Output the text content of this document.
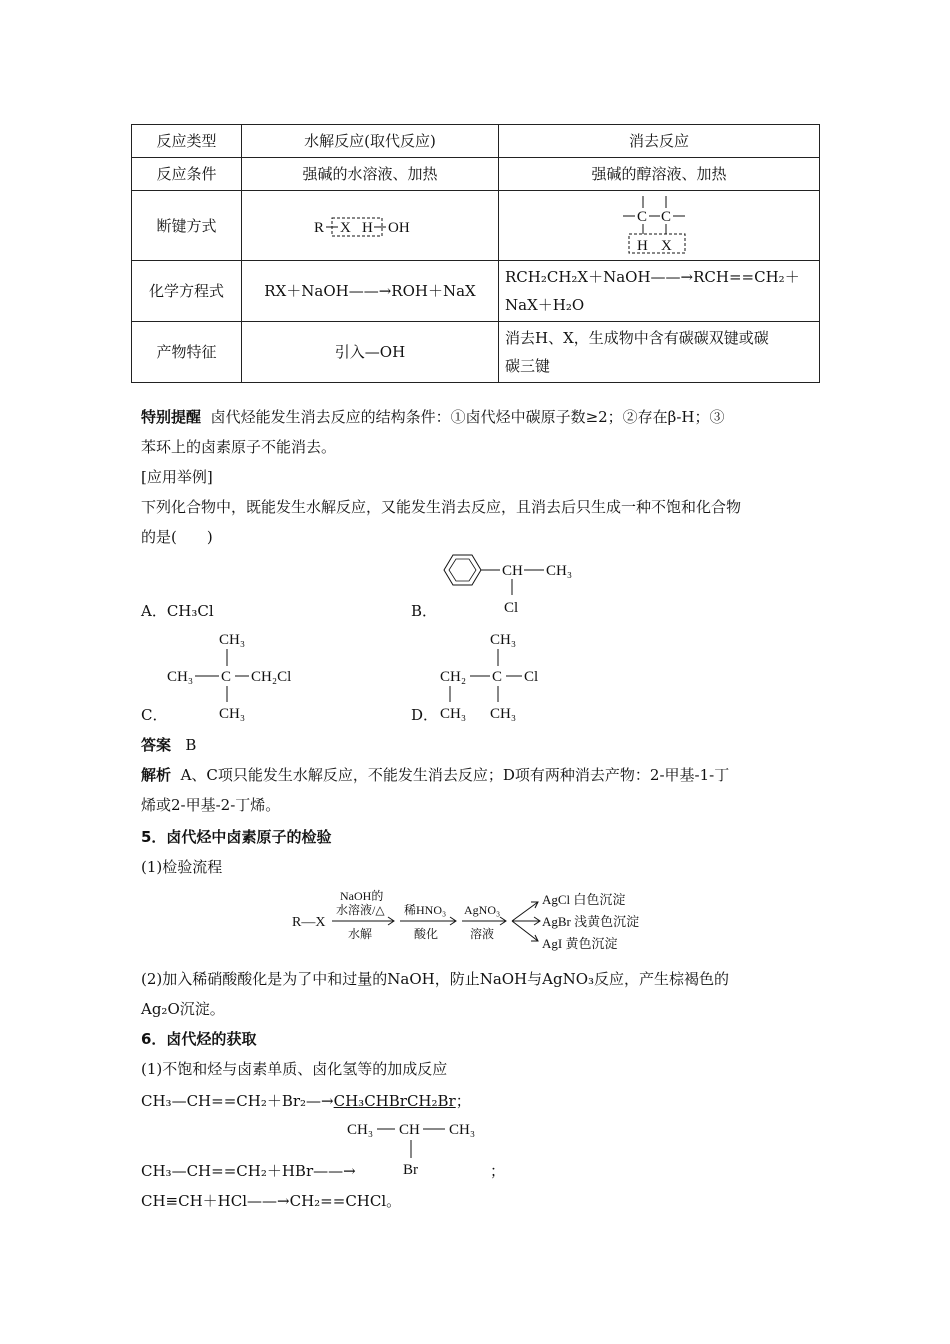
反应类型	水解反应(取代反应)	消去反应
反应条件	强碱的水溶液、加热	强碱的醇溶液、加热
断键方式	R X H OH	C C
H X

化学方程式	RX＋NaOH——→ROH＋NaX	RCH₂CH₂X＋NaOH——→RCH==CH₂＋
NaX＋H₂O

产物特征	引入—OH	消去H、X，生成物中含有碳碳双键或碳
碳三键
特别提醒 卤代烃能发生消去反应的结构条件：①卤代烃中碳原子数≥2；②存在β-H；③
苯环上的卤素原子不能消去。
[应用举例]
下列化合物中，既能发生水解反应，又能发生消去反应，且消去后只生成一种不饱和化合物
的是(　　)
A．CH₃Cl	B．
CH CH₃
Cl
C．
CH₃
CH₃ C CH₂Cl
CH₃	D．
CH₃
CH₂ C Cl
CH₃ CH₃
答案 B
解析 A、C项只能发生水解反应，不能发生消去反应；D项有两种消去产物：2-甲基-1-丁
烯或2-甲基-2-丁烯。
5．卤代烃中卤素原子的检验
(1)检验流程
R—X
NaOH的
水溶液/△
水解
稀HNO₃
酸化
AgNO₃
溶液
AgCl 白色沉淀
AgBr 浅黄色沉淀
AgI 黄色沉淀
(2)加入稀硝酸酸化是为了中和过量的NaOH，防止NaOH与AgNO₃反应，产生棕褐色的
Ag₂O沉淀。
6．卤代烃的获取
(1)不饱和烃与卤素单质、卤化氢等的加成反应
CH₃—CH==CH₂＋Br₂—→CH₃CHBrCH₂Br；
CH₃ CH CH₃
Br
CH₃—CH==CH₂＋HBr——→	；
CH≡CH＋HCl——→CH₂==CHCl。
